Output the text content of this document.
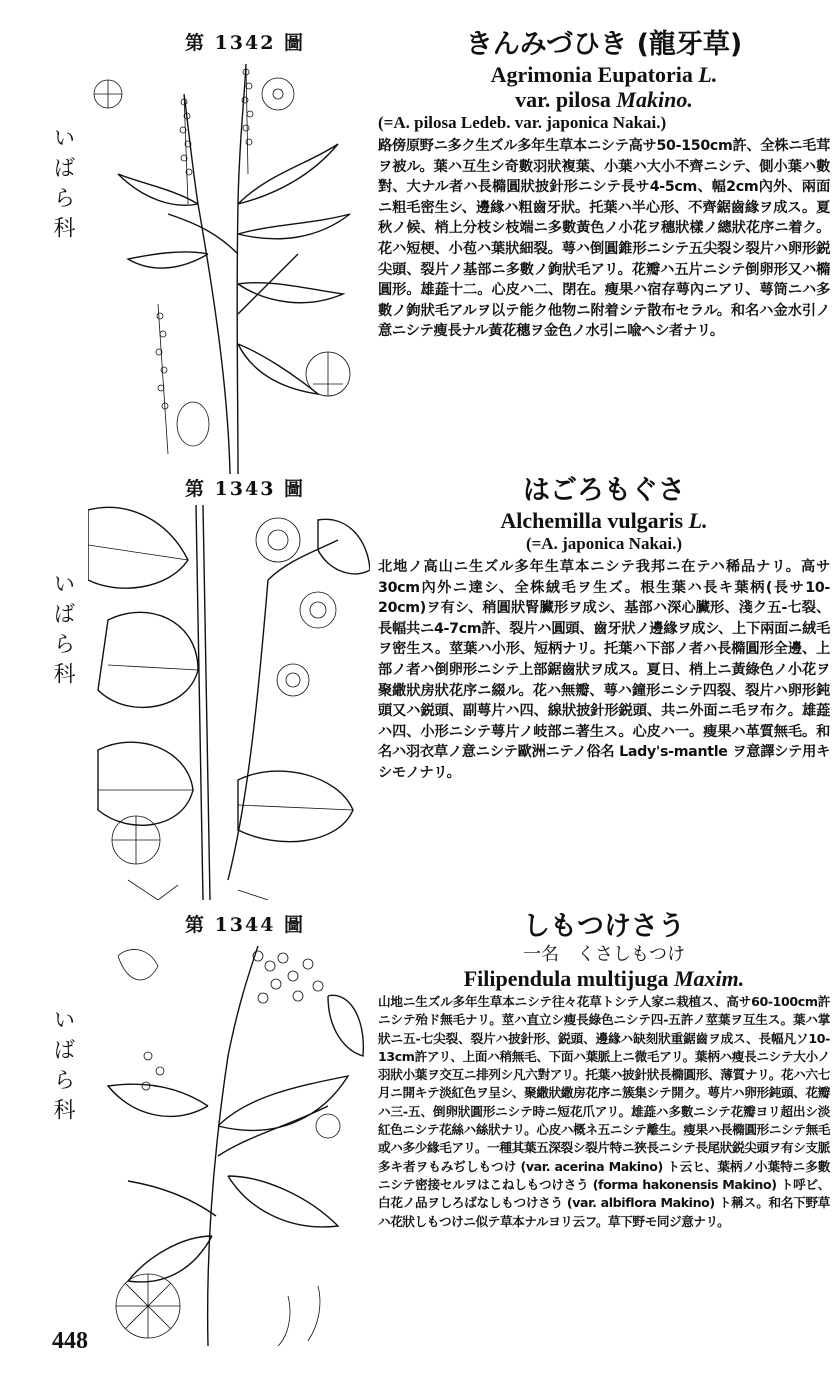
第 1342 圖
いばら科
きんみづひき (龍牙草)
Agrimonia Eupatoria L.
var. pilosa Makino.
(=A. pilosa Ledeb. var. japonica Nakai.)
路傍原野ニ多ク生ズル多年生草本ニシテ高サ50-150cm許、全株ニ毛茸ヲ被ル。葉ハ互生シ奇數羽狀複葉、小葉ハ大小不齊ニシテ、側小葉ハ數對、大ナル者ハ長橢圓狀披針形ニシテ長サ4-5cm、幅2cm內外、兩面ニ粗毛密生シ、邊緣ハ粗齒牙狀。托葉ハ半心形、不齊鋸齒緣ヲ成ス。夏秋ノ候、梢上分枝シ枝端ニ多數黃色ノ小花ヲ穗狀樣ノ總狀花序ニ着ク。花ハ短梗、小苞ハ葉狀細裂。萼ハ倒圓錐形ニシテ五尖裂シ裂片ハ卵形鋭尖頭、裂片ノ基部ニ多數ノ鉤狀毛アリ。花瓣ハ五片ニシテ倒卵形又ハ橢圓形。雄蕋十二。心皮ハ二、閉在。瘦果ハ宿存萼內ニアリ、萼筒ニハ多數ノ鉤狀毛アルヲ以テ能ク他物ニ附着シテ散布セラル。和名ハ金水引ノ意ニシテ瘦長ナル黃花穗ヲ金色ノ水引ニ喩ヘシ者ナリ。
第 1343 圖
いばら科
はごろもぐさ
Alchemilla vulgaris L.
(=A. japonica Nakai.)
北地ノ高山ニ生ズル多年生草本ニシテ我邦ニ在テハ稀品ナリ。高サ30cm內外ニ達シ、全株絨毛ヲ生ズ。根生葉ハ長キ葉柄(長サ10-20cm)ヲ有シ、稍圓狀腎臟形ヲ成シ、基部ハ深心臟形、淺ク五-七裂、長幅共ニ4-7cm許、裂片ハ圓頭、齒牙狀ノ邊緣ヲ成シ、上下兩面ニ絨毛ヲ密生ス。莖葉ハ小形、短柄ナリ。托葉ハ下部ノ者ハ長橢圓形全邊、上部ノ者ハ倒卵形ニシテ上部鋸齒狀ヲ成ス。夏日、梢上ニ黃綠色ノ小花ヲ聚繖狀房狀花序ニ綴ル。花ハ無瓣、萼ハ鐘形ニシテ四裂、裂片ハ卵形鈍頭又ハ鋭頭、副萼片ハ四、線狀披針形鋭頭、共ニ外面ニ毛ヲ布ク。雄蕋ハ四、小形ニシテ萼片ノ岐部ニ著生ス。心皮ハ一。瘦果ハ革質無毛。和名ハ羽衣草ノ意ニシテ歐洲ニテノ俗名 Lady's-mantle ヲ意譯シテ用キシモノナリ。
第 1344 圖
いばら科
しもつけさう
一名　くさしもつけ
Filipendula multijuga Maxim.
山地ニ生ズル多年生草本ニシテ往々花草トシテ人家ニ栽植ス、高サ60-100cm許ニシテ殆ド無毛ナリ。莖ハ直立シ瘦長綠色ニシテ四-五許ノ莖葉ヲ互生ス。葉ハ掌狀ニ五-七尖裂、裂片ハ披針形、鋭頭、邊緣ハ缺刻狀重鋸齒ヲ成ス、長幅凡ソ10-13cm許アリ、上面ハ稍無毛、下面ハ葉脈上ニ微毛アリ。葉柄ハ瘦長ニシテ大小ノ羽狀小葉ヲ交互ニ排列シ凡六對アリ。托葉ハ披針狀長橢圓形、薄質ナリ。花ハ六七月ニ開キテ淡紅色ヲ呈シ、聚繖狀繖房花序ニ簇集シテ開ク。萼片ハ卵形鈍頭、花瓣ハ三-五、倒卵狀圓形ニシテ時ニ短花爪アリ。雄蕋ハ多數ニシテ花瓣ヨリ超出シ淡紅色ニシテ花絲ハ絲狀ナリ。心皮ハ概ネ五ニシテ離生。瘦果ハ長橢圓形ニシテ無毛或ハ多少緣毛アリ。一種其葉五深裂シ裂片特ニ狹長ニシテ長尾狀鋭尖頭ヲ有シ支脈多キ者ヲもみぢしもつけ (var. acerina Makino) ト云ヒ、葉柄ノ小葉特ニ多數ニシテ密接セルヲはこねしもつけさう (forma hakonensis Makino) ト呼ビ、白花ノ品ヲしろばなしもつけさう (var. albiflora Makino) ト稱ス。和名下野草ハ花狀しもつけニ似テ草本ナルヨリ云フ。草下野モ同ジ意ナリ。
448
